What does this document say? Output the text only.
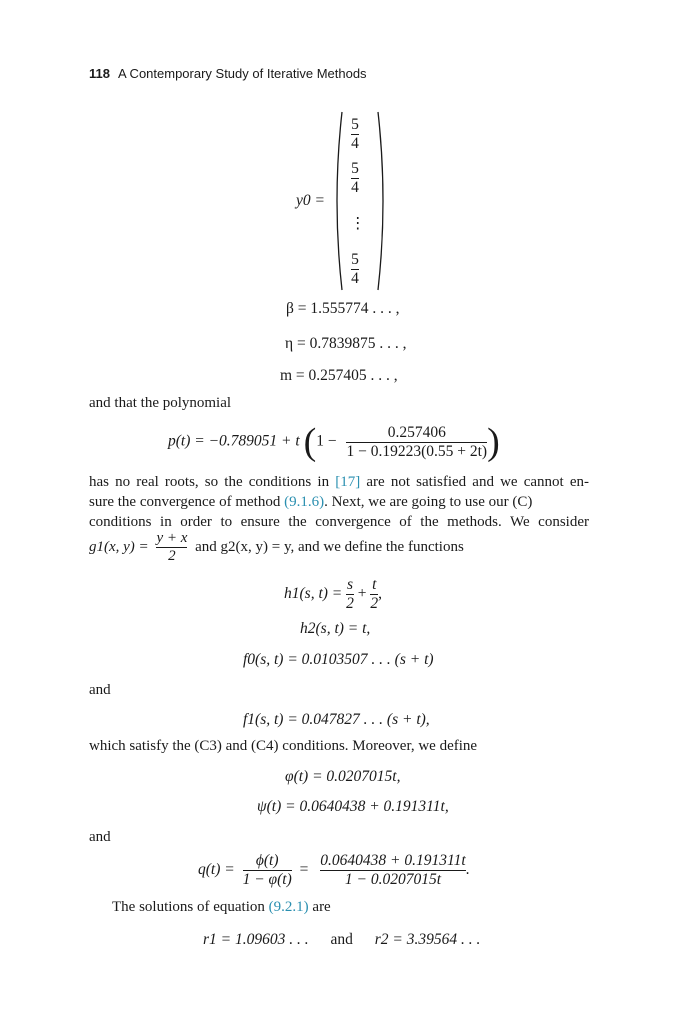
118 A Contemporary Study of Iterative Methods
y0 =
$\frac{5}{4}$
$\frac{5}{4}$
⋮
$\frac{5}{4}$
β = 1.555774 . . . ,
η = 0.7839875 . . . ,
m = 0.257405 . . . ,
and that the polynomial
p(t) = −0.789051 + t ($1 - \frac{0.257406}{1 - 0.19223(0.55 + 2t)}$ )
has no real roots, so the conditions in [17] are not satisfied and we cannot en-
sure the convergence of method (9.1.6). Next, we are going to use our (C)
conditions in order to ensure the convergence of the methods. We consider
g1(x, $y) = \frac{y + x}{2}$ and g2(x, y) = y, and we define the functions
h1(s, $t) = \frac{s}{2} + \frac{t}{2}$ ,
h2(s, t) = t,
f0(s, t) = 0.0103507 . . . (s + t)
and
f1(s, t) = 0.047827 . . . (s + t),
which satisfy the (C3) and (C4) conditions. Moreover, we define
φ(t) = 0.0207015t,
ψ(t) = 0.0640438 + 0.191311t,
and
$q(t) = \frac{\phi(t)}{1 - \varphi(t)} = \frac{0.0640438 + 0.191311t}{1 - 0.0207015t}$ .
The solutions of equation (9.2.1) are
r1 = 1.09603 . . . and r2 = 3.39564 . . .
